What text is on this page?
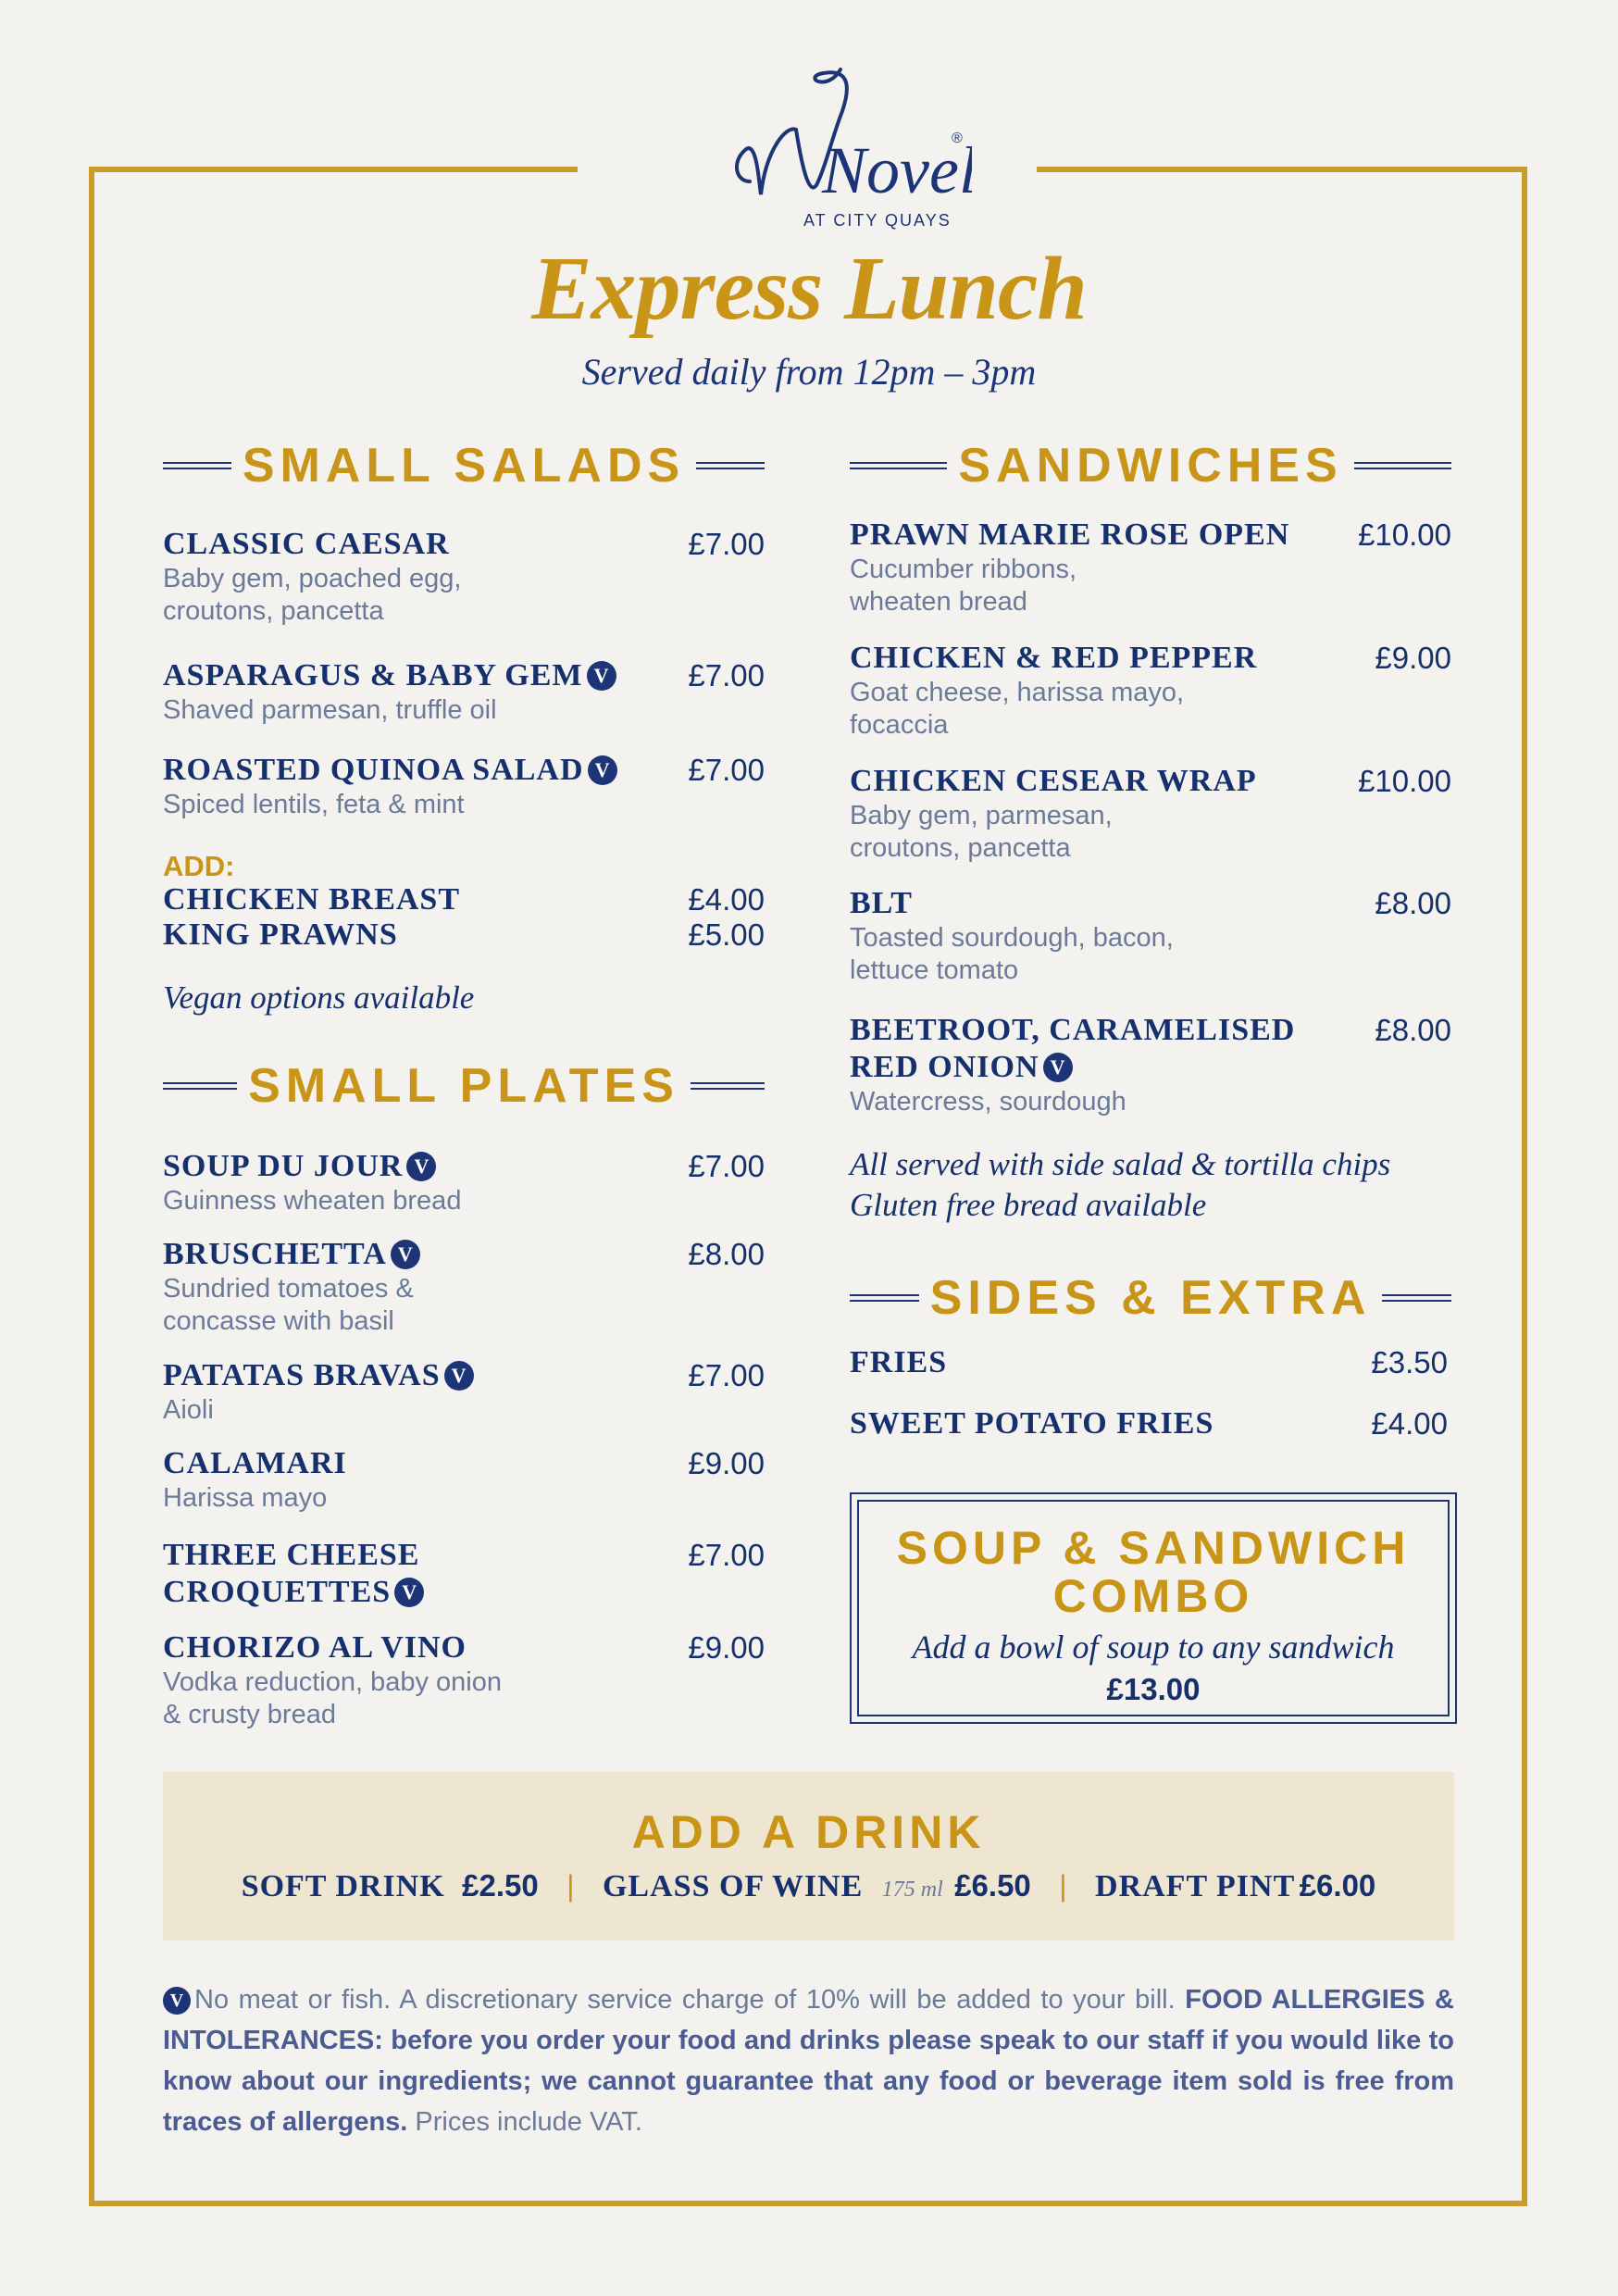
Nove
®
AT CITY QUAYS
Express Lunch
Served daily from 12pm – 3pm
SMALL SALADS
CLASSIC CAESAR	£7.00
Baby gem, poached egg,
croutons, pancetta
ASPARAGUS & BABY GEM V	£7.00
Shaved parmesan, truffle oil
ROASTED QUINOA SALAD V	£7.00
Spiced lentils, feta & mint
ADD:
CHICKEN BREAST	£4.00
KING PRAWNS	£5.00
Vegan options available
SMALL PLATES
SOUP DU JOUR V	£7.00
Guinness wheaten bread
BRUSCHETTA V	£8.00
Sundried tomatoes &
concasse with basil
PATATAS BRAVAS V	£7.00
Aioli
CALAMARI	£9.00
Harissa mayo
THREE CHEESE
CROQUETTES V
£7.00
CHORIZO AL VINO	£9.00
Vodka reduction, baby onion
& crusty bread
SANDWICHES
PRAWN MARIE ROSE OPEN	£10.00
Cucumber ribbons,
wheaten bread
CHICKEN & RED PEPPER	£9.00
Goat cheese, harissa mayo,
focaccia
CHICKEN CESEAR WRAP	£10.00
Baby gem, parmesan,
croutons, pancetta
BLT	£8.00
Toasted sourdough, bacon,
lettuce tomato
BEETROOT, CARAMELISED
RED ONION V
£8.00
Watercress, sourdough
All served with side salad & tortilla chips
Gluten free bread available
SIDES & EXTRA
FRIES	£3.50
SWEET POTATO FRIES	£4.00
SOUP & SANDWICH
COMBO
Add a bowl of soup to any sandwich
£13.00
ADD A DRINK
SOFT DRINK £2.50 | GLASS OF WINE 175 ml £6.50 | DRAFT PINT £6.00
V No meat or fish. A discretionary service charge of 10% will be added to your bill. FOOD ALLERGIES & INTOLERANCES: before you order your food and drinks please speak to our staff if you would like to know about our ingredients; we cannot guarantee that any food or beverage item sold is free from traces of allergens. Prices include VAT.
